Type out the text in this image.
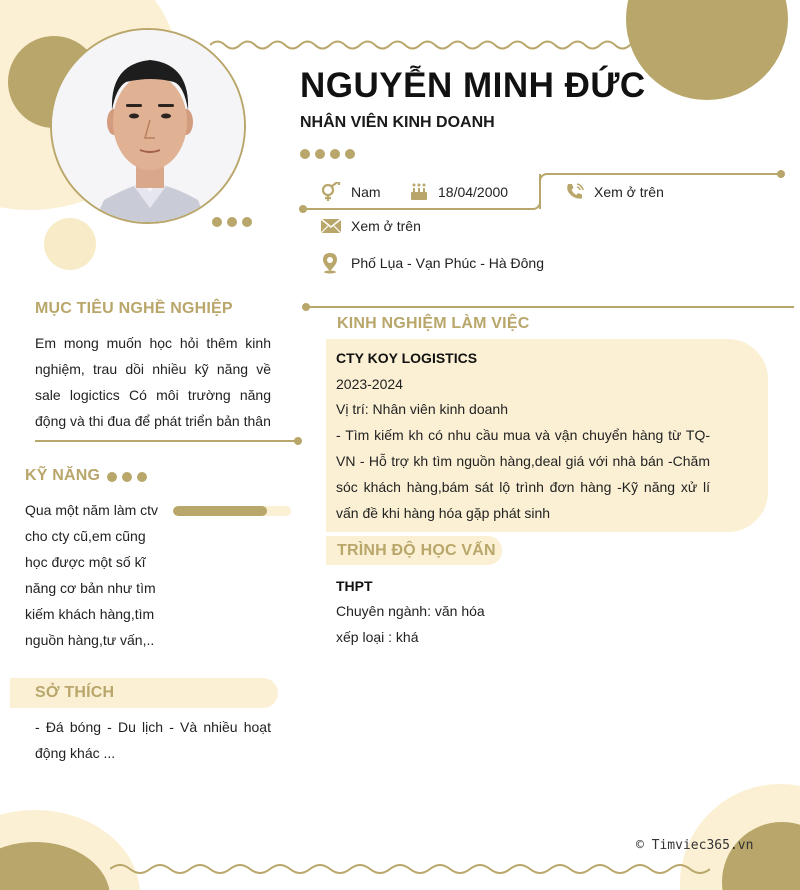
NGUYỄN MINH ĐỨC
NHÂN VIÊN KINH DOANH
Nam	18/04/2000	Xem ở trên
Xem ở trên
Phố Lụa - Vạn Phúc - Hà Đông
MỤC TIÊU NGHỀ NGHIỆP
Em mong muốn học hỏi thêm kinh nghiệm, trau dồi nhiều kỹ năng về sale logictics Có môi trường năng động và thi đua để phát triển bản thân
KỸ NĂNG
Qua một năm làm ctv cho cty cũ,em cũng học được một số kĩ năng cơ bản như tìm kiếm khách hàng,tìm nguồn hàng,tư vấn,..
SỞ THÍCH
- Đá bóng - Du lịch - Và nhiều hoạt động khác ...
KINH NGHIỆM LÀM VIỆC
CTY KOY LOGISTICS
2023-2024
Vị trí: Nhân viên kinh doanh
- Tìm kiếm kh có nhu cầu mua và vận chuyển hàng từ TQ-VN - Hỗ trợ kh tìm nguồn hàng,deal giá với nhà bán -Chăm sóc khách hàng,bám sát lộ trình đơn hàng -Kỹ năng xử lí vấn đề khi hàng hóa gặp phát sinh
TRÌNH ĐỘ HỌC VẤN
THPT
Chuyên ngành: văn hóa
xếp loại : khá
© Timviec365.vn
